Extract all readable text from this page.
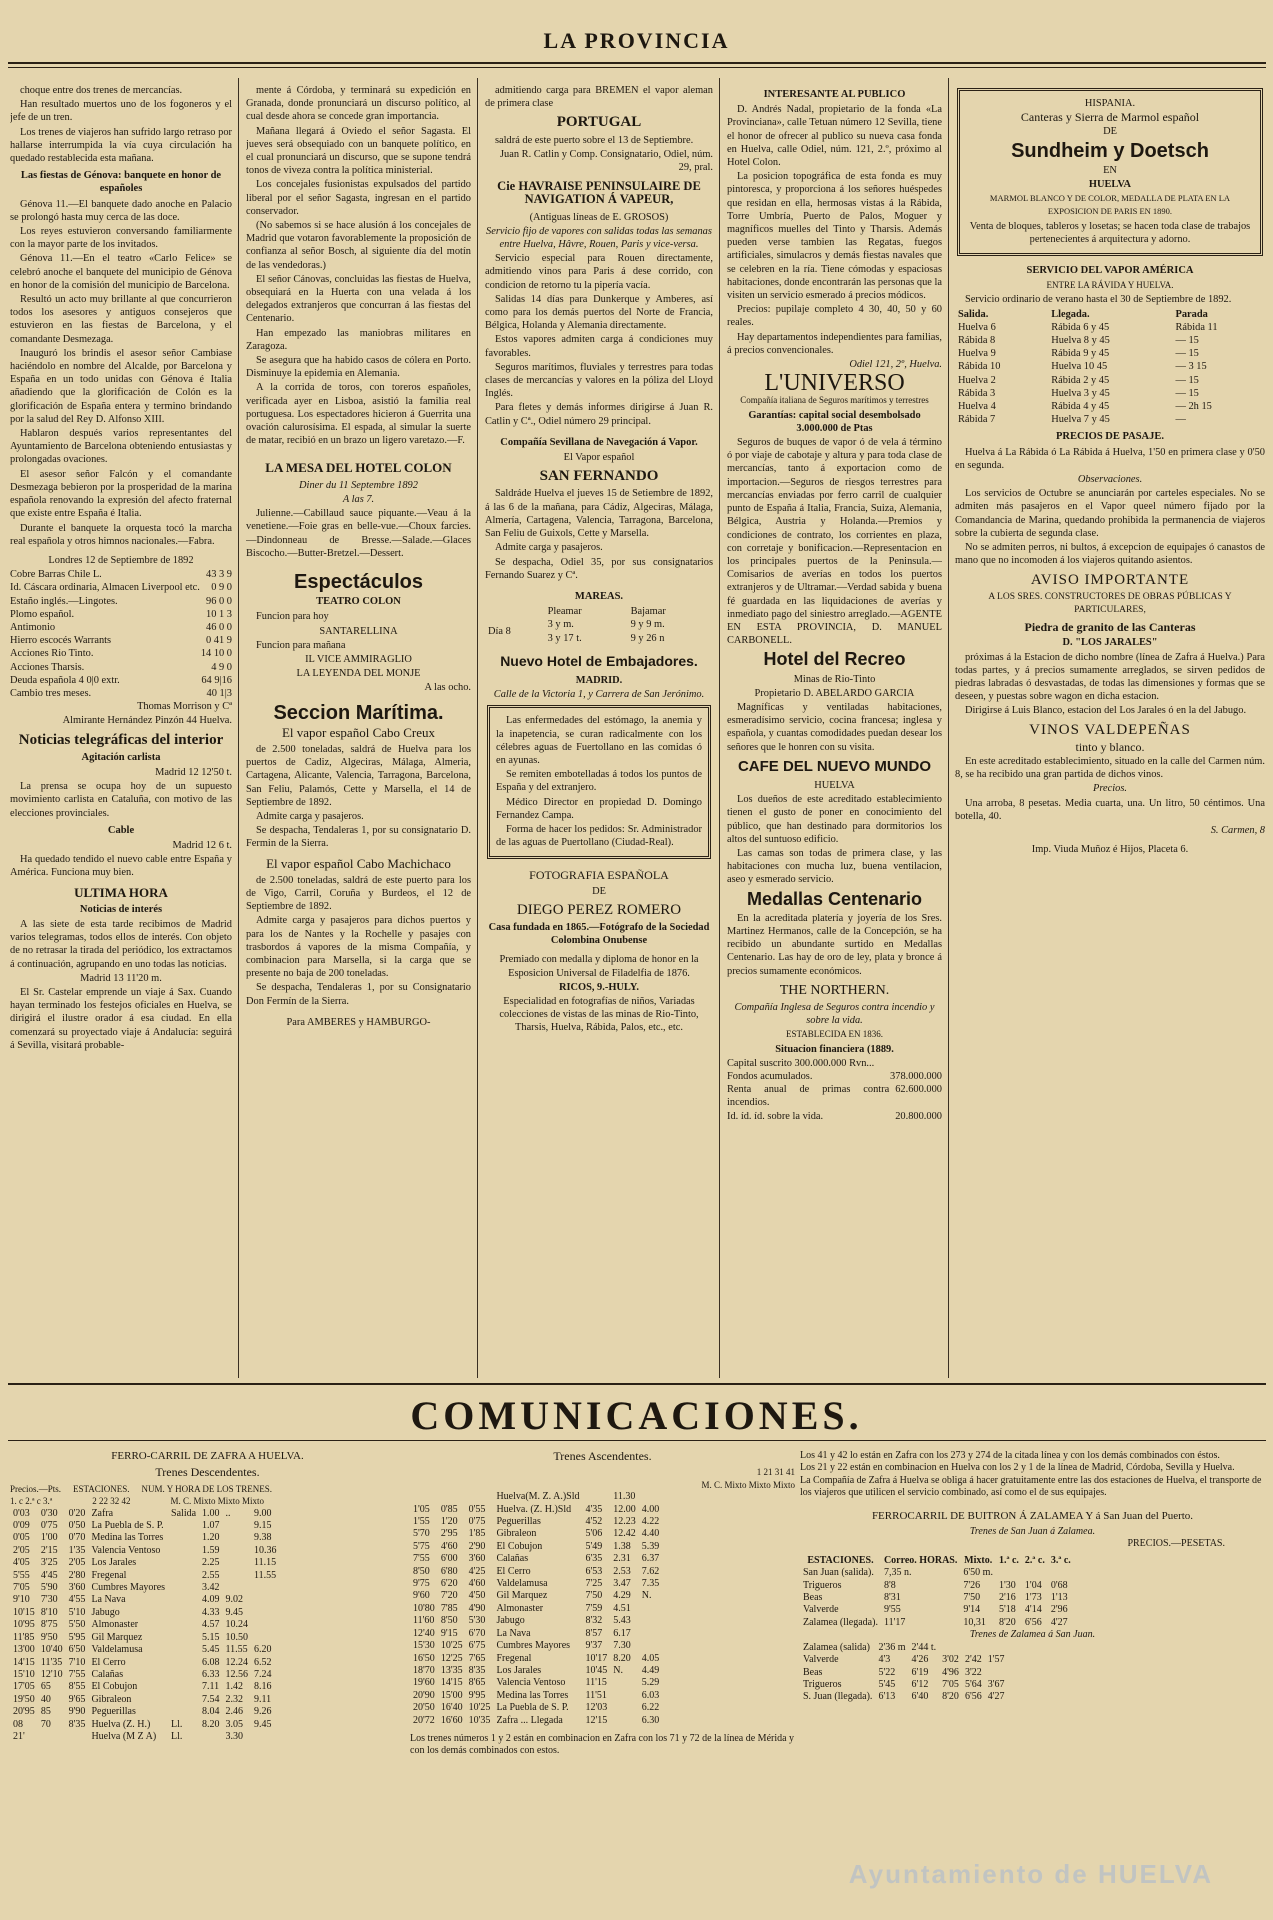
LA PROVINCIA

choque entre dos trenes de mercancías.

Han resultado muertos uno de los fogoneros y el jefe de un tren.

Los trenes de viajeros han sufrido largo retraso por hallarse interrumpida la vía cuya circulación ha quedado restablecida esta mañana.

Las fiestas de Génova: banquete en honor de españoles

Génova 11.—El banquete dado anoche en Palacio se prolongó hasta muy cerca de las doce.

Los reyes estuvieron conversando familiarmente con la mayor parte de los invitados.

Génova 11.—En el teatro «Carlo Felice» se celebró anoche el banquete del municipio de Génova en honor de la comisión del municipio de Barcelona.

Resultó un acto muy brillante al que concurrieron todos los asesores y antiguos consejeros que estuvieron en las fiestas de Barcelona, y el comandante Desmezaga.

Inauguró los brindis el asesor señor Cambiase haciéndolo en nombre del Alcalde, por Barcelona y España en un todo unidas con Génova é Italia añadiendo que la glorificación de Colón es la glorificación de España entera y termino brindando por la salud del Rey D. Alfonso XIII.

Hablaron después varios representantes del Ayuntamiento de Barcelona obteniendo entusiastas y prolongadas ovaciones.

El asesor señor Falcón y el comandante Desmezaga bebieron por la prosperidad de la marina española renovando la expresión del afecto fraternal que existe entre España é Italia.

Durante el banquete la orquesta tocó la marcha real española y otros himnos nacionales.—Fabra.

Londres 12 de Septiembre de 1892

Cobre Barras Chile L.	43 3 9
Id. Cáscara ordinaria, Almacen Liverpool etc. 0 9 0
Estaño inglés.—Lingotes.	96 0 0
Plomo español.	10 1 3
Antimonio	46 0 0
Hierro escocés Warrants	0 41 9
Acciones Rio Tinto.	14 10 0
Acciones Tharsis.	4 9 0
Deuda española 4 0|0 extr.	64 9|16
Cambio tres meses.	40 1|3

Thomas Morrison y Cª

Almirante Hernández Pinzón 44 Huelva.

Noticias telegráficas del interior
Agitación carlista

Madrid 12 12'50 t.

La prensa se ocupa hoy de un supuesto movimiento carlista en Cataluña, con motivo de las elecciones provinciales.

Cable

Madrid 12 6 t.

Ha quedado tendido el nuevo cable entre España y América. Funciona muy bien.

ULTIMA HORA
Noticias de interés

A las siete de esta tarde recibimos de Madrid varios telegramas, todos ellos de interés. Con objeto de no retrasar la tirada del periódico, los extractamos á continuación, agrupando en uno todas las noticias.

Madrid 13 11'20 m.

El Sr. Castelar emprende un viaje á Sax. Cuando hayan terminado los festejos oficiales en Huelva, se dirigirá el ilustre orador á esa ciudad. En ella comenzará su proyectado viaje á Andalucía: seguirá á Sevilla, visitará probable-

mente á Córdoba, y terminará su expedición en Granada, donde pronunciará un discurso político, al cual desde ahora se concede gran importancia.

Mañana llegará á Oviedo el señor Sagasta. El jueves será obsequiado con un banquete político, en el cual pronunciará un discurso, que se supone tendrá tonos de viveza contra la política ministerial.

Los concejales fusionistas expulsados del partido liberal por el señor Sagasta, ingresan en el partido conservador.

(No sabemos si se hace alusión á los concejales de Madrid que votaron favorablemente la proposición de confianza al señor Bosch, al siguiente día del motín de las vendedoras.)

El señor Cánovas, concluidas las fiestas de Huelva, obsequiará en la Huerta con una velada á los delegados extranjeros que concurran á las fiestas del Centenario.

Han empezado las maniobras militares en Zaragoza.

Se asegura que ha habido casos de cólera en Porto. Disminuye la epidemia en Alemania.

A la corrida de toros, con toreros españoles, verificada ayer en Lisboa, asistió la familia real portuguesa. Los espectadores hicieron á Guerrita una ovación calurosísima. El espada, al simular la suerte de matar, recibió en un brazo un ligero varetazo.—F.

LA MESA DEL HOTEL COLON

Diner du 11 Septembre 1892

A las 7.

Julienne.—Cabillaud sauce piquante.—Veau á la venetiene.—Foie gras en belle-vue.—Choux farcies.—Dindonneau de Bresse.—Salade.—Glaces Biscocho.—Butter-Bretzel.—Dessert.

Espectáculos
TEATRO COLON

Funcion para hoy

SANTARELLINA

Funcion para mañana

IL VICE AMMIRAGLIO

LA LEYENDA DEL MONJE

A las ocho.

Seccion Marítima.
El vapor español Cabo Creux

de 2.500 toneladas, saldrá de Huelva para los puertos de Cadiz, Algeciras, Málaga, Almeria, Cartagena, Alicante, Valencia, Tarragona, Barcelona, San Feliu, Palamós, Cette y Marsella, el 14 de Septiembre de 1892.

Admite carga y pasajeros.

Se despacha, Tendaleras 1, por su consignatario D. Fermin de la Sierra.

El vapor español Cabo Machichaco

de 2.500 toneladas, saldrá de este puerto para los de Vigo, Carril, Coruña y Burdeos, el 12 de Septiembre de 1892.

Admite carga y pasajeros para dichos puertos y para los de Nantes y la Rochelle y pasajes con trasbordos á vapores de la misma Compañía, y combinacion para Marsella, si la carga que se presente no baja de 200 toneladas.

Se despacha, Tendaleras 1, por su Consignatario Don Fermín de la Sierra.

Para AMBERES y HAMBURGO-

admitiendo carga para BREMEN el vapor aleman de primera clase

PORTUGAL

saldrá de este puerto sobre el 13 de Septiembre.

Juan R. Catlin y Comp. Consignatario, Odiel, núm. 29, pral.

Cie HAVRAISE PENINSULAIRE DE NAVIGATION Á VAPEUR,

(Antiguas líneas de E. GROSOS)

Servicio fijo de vapores con salidas todas las semanas entre Huelva, Hâvre, Rouen, Paris y vice-versa.

Servicio especial para Rouen directamente, admitiendo vinos para Paris á dese corrido, con condicion de retorno tu la pipería vacía.

Salidas 14 días para Dunkerque y Amberes, así como para los demás puertos del Norte de Francia, Bélgica, Holanda y Alemania directamente.

Estos vapores admiten carga á condiciones muy favorables.

Seguros marítimos, fluviales y terrestres para todas clases de mercancías y valores en la póliza del Lloyd Inglés.

Para fletes y demás informes dirigirse á Juan R. Catlin y Cª., Odiel número 29 principal.

Compañía Sevillana de Navegación á Vapor.

El Vapor español

SAN FERNANDO

Saldráde Huelva el jueves 15 de Setiembre de 1892, á las 6 de la mañana, para Cádiz, Algeciras, Málaga, Almería, Cartagena, Valencia, Tarragona, Barcelona, San Feliu de Guixols, Cette y Marsella.

Admite carga y pasajeros.

Se despacha, Odiel 35, por sus consignatarios Fernando Suarez y Cª.

MAREAS.
	Pleamar	Bajamar
Día 8	3 y m.	9 y 9 m.
	3 y 17 t.	9 y 26 n
Nuevo Hotel de Embajadores.

MADRID.

Calle de la Victoria 1, y Carrera de San Jerónimo.

Las enfermedades del estómago, la anemia y la inapetencia, se curan radicalmente con los célebres aguas de Fuertollano en las comidas ó en ayunas.

Se remiten embotelladas á todos los puntos de España y del extranjero.

Médico Director en propiedad D. Domingo Fernandez Campa.

Forma de hacer los pedidos: Sr. Administrador de las aguas de Puertollano (Ciudad-Real).

FOTOGRAFIA ESPAÑOLA

DE

DIEGO PEREZ ROMERO

Casa fundada en 1865.—Fotógrafo de la Sociedad Colombina Onubense

Premiado con medalla y diploma de honor en la Esposicion Universal de Filadelfia de 1876.

RICOS, 9.-HULY.

Especialidad en fotografías de niños, Variadas colecciones de vistas de las minas de Rio-Tinto, Tharsis, Huelva, Rábida, Palos, etc., etc.

INTERESANTE AL PUBLICO

D. Andrés Nadal, propietario de la fonda «La Provinciana», calle Tetuan número 12 Sevilla, tiene el honor de ofrecer al publico su nueva casa fonda en Huelva, calle Odiel, núm. 121, 2.º, próximo al Hotel Colon.

La posicion topográfica de esta fonda es muy pintoresca, y proporciona á los señores huéspedes que residan en ella, hermosas vistas á la Rábida, Torre Umbría, Puerto de Palos, Moguer y magníficos muelles del Tinto y Tharsis. Además pueden verse tambien las Regatas, fuegos artificiales, simulacros y demás fiestas navales que se celebren en la ría. Tiene cómodas y espaciosas habitaciones, donde encontrarán las personas que la visiten un servicio esmerado á precios módicos.

Precios: pupilaje completo 4 30, 40, 50 y 60 reales.

Hay departamentos independientes para familias, á precios convencionales.

Odiel 121, 2º, Huelva.

L'UNIVERSO

Compañía italiana de Seguros marítimos y terrestres

Garantías: capital social desembolsado 3.000.000 de Ptas

Seguros de buques de vapor ó de vela á término ó por viaje de cabotaje y altura y para toda clase de mercancías, tanto á exportacion como de importacion.—Seguros de riesgos terrestres para mercancías enviadas por ferro carril de cualquier punto de España á Italia, Francia, Suiza, Alemania, Bélgica, Austria y Holanda.—Premios y condiciones de contrato, los corrientes en plaza, con corretaje y bonificacion.—Representacion en los principales puertos de la Peninsula.—Comisarios de averías en todos los puertos extranjeros y de Ultramar.—Verdad sabida y buena fé guardada en las liquidaciones de averías y inmediato pago del siniestro arreglado.—AGENTE EN ESTA PROVINCIA, D. MANUEL CARBONELL.

Hotel del Recreo

Minas de Rio-Tinto

Propietario D. ABELARDO GARCIA

Magníficas y ventiladas habitaciones, esmeradísimo servicio, cocina francesa; inglesa y española, y cuantas comodidades puedan desear los señores que le honren con su visita.

CAFE DEL NUEVO MUNDO

HUELVA

Los dueños de este acreditado establecimiento tienen el gusto de poner en conocimiento del público, que han destinado para dormitorios los altos del suntuoso edificio.

Las camas son todas de primera clase, y las habitaciones con mucha luz, buena ventilacion, aseo y esmerado servicio.

Medallas Centenario

En la acreditada platería y joyería de los Sres. Martinez Hermanos, calle de la Concepción, se ha recibido un abundante surtido en Medallas Centenario. Las hay de oro de ley, plata y bronce á precios sumamente económicos.

THE NORTHERN.

Compañía Inglesa de Seguros contra incendio y sobre la vida.

ESTABLECIDA EN 1836.

Situacion financiera (1889.

Capital suscrito 300.000.000 Rvn...
Fondos acumulados.	378.000.000
Renta anual de primas contra incendios.
62.600.000
Id. íd. íd. sobre la vida.	20.800.000

HISPANIA.

Canteras y Sierra de Marmol español

DE

Sundheim y Doetsch

EN

HUELVA

MARMOL BLANCO Y DE COLOR, MEDALLA DE PLATA EN LA EXPOSICION DE PARIS EN 1890.

Venta de bloques, tableros y losetas; se hacen toda clase de trabajos pertenecientes á arquitectura y adorno.

SERVICIO DEL VAPOR AMÉRICA

ENTRE LA RÁVIDA Y HUELVA.

Servicio ordinario de verano hasta el 30 de Septiembre de 1892.

Salida.	Llegada.	Parada
Huelva 6	Rábida 6 y 45	Rábida 11
Rábida 8	Huelva 8 y 45	— 15
Huelva 9	Rábida 9 y 45	— 15
Rábida 10	Huelva 10 45	— 3 15
Huelva 2	Rábida 2 y 45	— 15
Rábida 3	Huelva 3 y 45	— 15
Huelva 4	Rábida 4 y 45	— 2h 15
Rábida 7	Huelva 7 y 45	—
PRECIOS DE PASAJE.

Huelva á La Rábida ó La Rábida á Huelva, 1'50 en primera clase y 0'50 en segunda.

Observaciones.

Los servicios de Octubre se anunciarán por carteles especiales. No se admiten más pasajeros en el Vapor queel número fijado por la Comandancia de Marina, quedando prohibida la permanencia de viajeros sobre la cubierta de segunda clase.

No se admiten perros, ni bultos, á excepcion de equipajes ó canastos de mano que no incomoden á los viajeros quitando asientos.

AVISO IMPORTANTE

A LOS SRES. CONSTRUCTORES DE OBRAS PÚBLICAS Y PARTICULARES,

Piedra de granito de las Canteras

D. "LOS JARALES"

próximas á la Estacion de dicho nombre (línea de Zafra á Huelva.) Para todas partes, y á precios sumamente arreglados, se sirven pedidos de piedras labradas ó desvastadas, de todas las dimensiones y formas que se deseen, y puestas sobre wagon en dicha estacion.

Dirigirse á Luis Blanco, estacion del Los Jarales ó en la del Jabugo.

VINOS VALDEPEÑAS

tinto y blanco.

En este acreditado establecimiento, situado en la calle del Carmen núm. 8, se ha recibido una gran partida de dichos vinos.

Precios.

Una arroba, 8 pesetas. Media cuarta, una. Un litro, 50 céntimos. Una botella, 40.

S. Carmen, 8

Imp. Viuda Muñoz é Hijos, Placeta 6.

COMUNICACIONES.
FERRO-CARRIL DE ZAFRA A HUELVA.
Trenes Descendentes.
Precios.—Pts. ESTACIONES. NUM. Y HORA DE LOS TRENES.
1. c 2.ª c 3.ª	2 22 32 42	M. C. Mixto Mixto Mixto
0'03	0'30	0'20	Zafra	Salida	1.00	..	9.00
0'09	0'75	0'50	La Puebla de S. P.		1.07		9.15
0'05	1'00	0'70	Medina las Torres		1.20		9.38
2'05	2'15	1'35	Valencia Ventoso		1.59		10.36
4'05	3'25	2'05	Los Jarales		2.25		11.15
5'55	4'45	2'80	Fregenal		2.55		11.55
7'05	5'90	3'60	Cumbres Mayores		3.42		
9'10	7'30	4'55	La Nava		4.09	9.02	
10'15	8'10	5'10	Jabugo		4.33	9.45	
10'95	8'75	5'50	Almonaster		4.57	10.24	
11'85	9'50	5'95	Gil Marquez		5.15	10.50	
13'00	10'40	6'50	Valdelamusa		5.45	11.55	6.20
14'15	11'35	7'10	El Cerro		6.08	12.24	6.52
15'10	12'10	7'55	Calañas		6.33	12.56	7.24
17'05	65	8'55	El Cobujon		7.11	1.42	8.16
19'50	40	9'65	Gibraleon		7.54	2.32	9.11
20'95	85	9'90	Peguerillas		8.04	2.46	9.26
08	70	8'35	Huelva (Z. H.)	Ll.	8.20	3.05	9.45
21'			Huelva (M Z A)	Ll.		3.30	
Trenes Ascendentes.
1 21 31 41
M. C. Mixto Mixto Mixto
			Huelva(M. Z. A.)Sld		11.30	
1'05	0'85	0'55	Huelva. (Z. H.)Sld	4'35	12.00	4.00
1'55	1'20	0'75	Peguerillas	4'52	12.23	4.22
5'70	2'95	1'85	Gibraleon	5'06	12.42	4.40
5'75	4'60	2'90	El Cobujon	5'49	1.38	5.39
7'55	6'00	3'60	Calañas	6'35	2.31	6.37
8'50	6'80	4'25	El Cerro	6'53	2.53	7.62
9'75	6'20	4'60	Valdelamusa	7'25	3.47	7.35
9'60	7'20	4'50	Gil Marquez	7'50	4.29	N.
10'80	7'85	4'90	Almonaster	7'59	4.51	
11'60	8'50	5'30	Jabugo	8'32	5.43	
12'40	9'15	6'70	La Nava	8'57	6.17	
15'30	10'25	6'75	Cumbres Mayores	9'37	7.30	
16'50	12'25	7'65	Fregenal	10'17	8.20	4.05
18'70	13'35	8'35	Los Jarales	10'45	N.	4.49
19'60	14'15	8'65	Valencia Ventoso	11'15		5.29
20'90	15'00	9'95	Medina las Torres	11'51		6.03
20'50	16'40	10'25	La Puebla de S. P.	12'03		6.22
20'72	16'60	10'35	Zafra ... Llegada	12'15		6.30

Los trenes números 1 y 2 están en combinacion en Zafra con los 71 y 72 de la línea de Mérida y con los demás combinados con estos.

Los 41 y 42 lo están en Zafra con los 273 y 274 de la citada línea y con los demás combinados con éstos.
Los 21 y 22 están en combinacion en Huelva con los 2 y 1 de la línea de Madrid, Córdoba, Sevilla y Huelva.
La Compañía de Zafra á Huelva se obliga á hacer gratuitamente entre las dos estaciones de Huelva, el transporte de los viajeros que utilicen el servicio combinado, así como el de sus equipajes.

FERROCARRIL DE BUITRON Á ZALAMEA Y á San Juan del Puerto.
Trenes de San Juan á Zalamea.
PRECIOS.—PESETAS.
ESTACIONES.	Correo. HORAS.	Mixto.	1.ª c.	2.ª c.	3.ª c.
San Juan (salida).	7,35 n.	6'50 m.			
Trigueros	8'8	7'26	1'30	1'04	0'68
Beas	8'31	7'50	2'16	1'73	1'13
Valverde	9'55	9'14	5'18	4'14	2'96
Zalamea (llegada).	11'17	10,31	8'20	6'56	4'27
Trenes de Zalamea á San Juan.
Zalamea (salida)	2'36 m	2'44 t.			
Valverde	4'3	4'26	3'02	2'42	1'57
Beas	5'22	6'19	4'96	3'22	
Trigueros	5'45	6'12	7'05	5'64	3'67
S. Juan (llegada).	6'13	6'40	8'20	6'56	4'27
Ayuntamiento de HUELVA
